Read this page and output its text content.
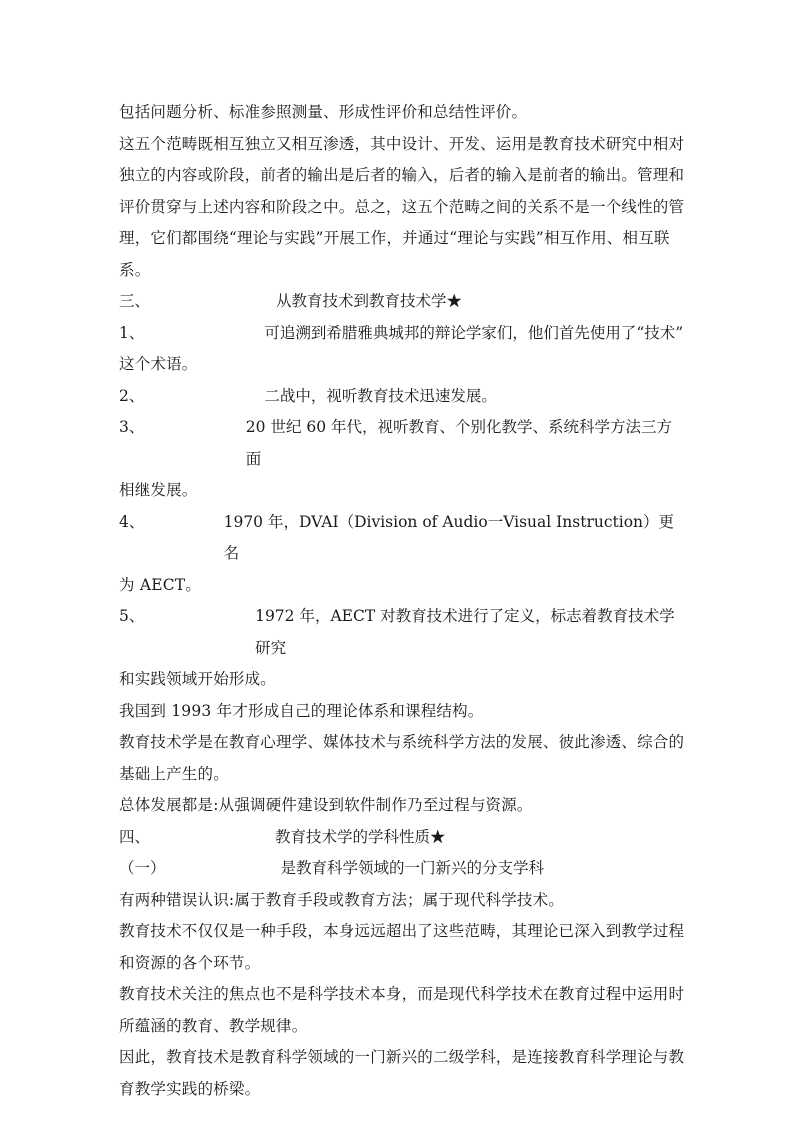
包括问题分析、标准参照测量、形成性评价和总结性评价。

这五个范畴既相互独立又相互渗透，其中设计、开发、运用是教育技术研究中相对独立的内容或阶段，前者的输出是后者的输入，后者的输入是前者的输出。管理和评价贯穿与上述内容和阶段之中。总之，这五个范畴之间的关系不是一个线性的管理，它们都围绕“理论与实践”开展工作，并通过“理论与实践”相互作用、相互联系。

三、	从教育技术到教育技术学★
1、	可追溯到希腊雅典城邦的辩论学家们，他们首先使用了“技术”

这个术语。

2、	二战中，视听教育技术迅速发展。
3、	20 世纪 60 年代，视听教育、个别化教学、系统科学方法三方面

相继发展。

4、	1970 年，DVAI（Division of Audio一Visual Instruction）更名

为 AECT。

5、	1972 年，AECT 对教育技术进行了定义，标志着教育技术学研究

和实践领域开始形成。

我国到 1993 年才形成自己的理论体系和课程结构。

教育技术学是在教育心理学、媒体技术与系统科学方法的发展、彼此渗透、综合的基础上产生的。

总体发展都是:从强调硬件建设到软件制作乃至过程与资源。

四、	教育技术学的学科性质★
（一）	是教育科学领域的一门新兴的分支学科

有两种错误认识:属于教育手段或教育方法；属于现代科学技术。

教育技术不仅仅是一种手段，本身远远超出了这些范畴，其理论已深入到教学过程和资源的各个环节。

教育技术关注的焦点也不是科学技术本身，而是现代科学技术在教育过程中运用时所蕴涵的教育、教学规律。

因此，教育技术是教育科学领域的一门新兴的二级学科，是连接教育科学理论与教育教学实践的桥梁。
